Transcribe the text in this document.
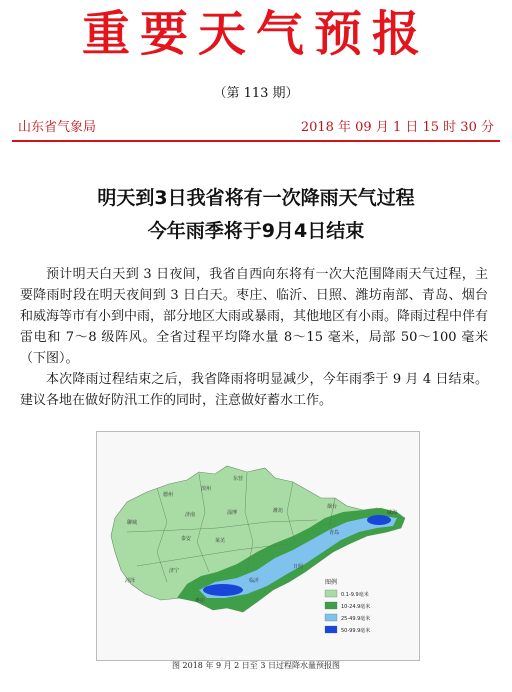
重要天气预报
（第 113 期）
山东省气象局	2018 年 09 月 1 日 15 时 30 分
明天到3日我省将有一次降雨天气过程
今年雨季将于9月4日结束

预计明天白天到 3 日夜间，我省自西向东将有一次大范围降雨天气过程，主要降雨时段在明天夜间到 3 日白天。枣庄、临沂、日照、潍坊南部、青岛、烟台和威海等市有小到中雨，部分地区大雨或暴雨，其他地区有小雨。降雨过程中伴有雷电和 7～8 级阵风。全省过程平均降水量 8～15 毫米，局部 50～100 毫米（下图）。

本次降雨过程结束之后，我省降雨将明显减少，今年雨季于 9 月 4 日结束。建议各地在做好防汛工作的同时，注意做好蓄水工作。

德州
滨州
东营
烟台
威海
济南	淄博	潍坊
青岛
聊城
泰安	莱芜
日照
菏泽
济宁
枣庄
临沂	图例
0.1-9.9毫米
10-24.9毫米
25-49.9毫米
50-99.9毫米
图 2018 年 9 月 2 日至 3 日过程降水量预报图
